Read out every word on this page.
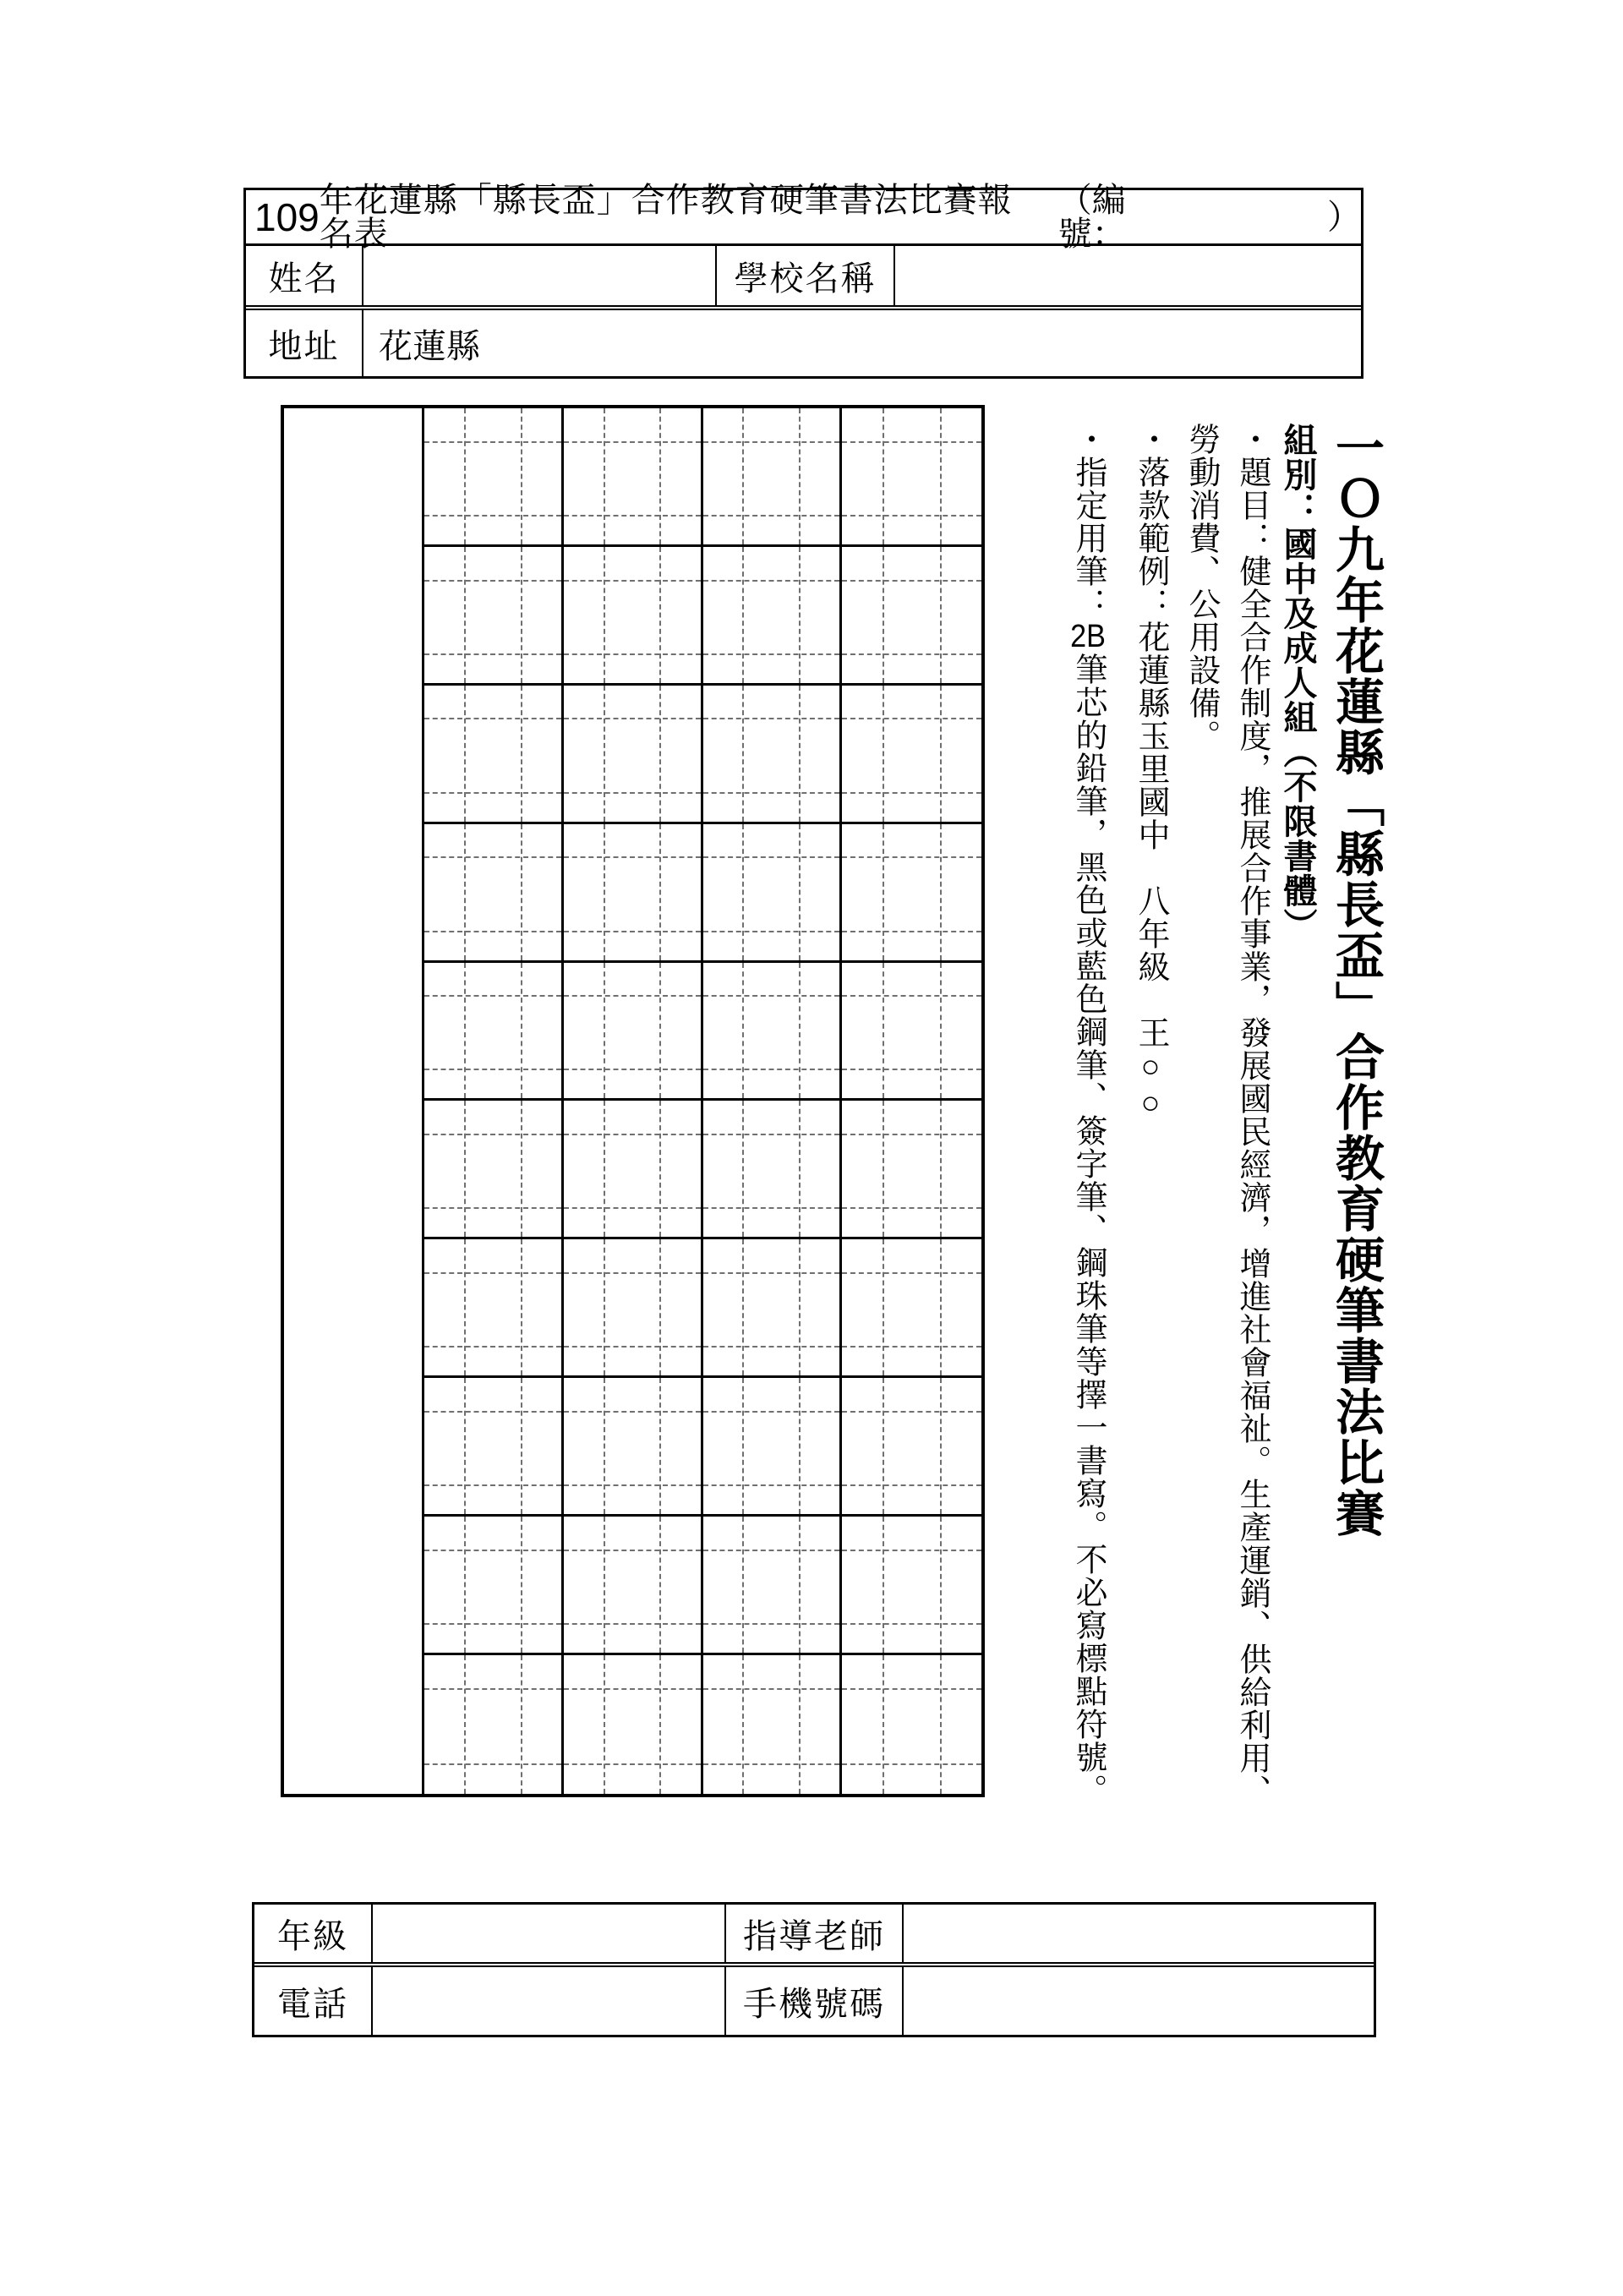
109 年花蓮縣「縣長盃」合作教育硬筆書法比賽報名表
（編號：	）
姓名	學校名稱
地址	花蓮縣
一Ｏ九年花蓮縣「縣長盃」合作教育硬筆書法比賽
組別：國中及成人組（不限書體）
・題目：健全合作制度，推展合作事業，發展國民經濟，增進社會福祉。生產運銷、供給利用、
勞動消費、公用設備。
・落款範例：花蓮縣玉里國中　八年級　王○○
・指定用筆：2B筆芯的鉛筆，黑色或藍色鋼筆、簽字筆、鋼珠筆等擇一書寫。不必寫標點符號。
年級	指導老師
電話	手機號碼
